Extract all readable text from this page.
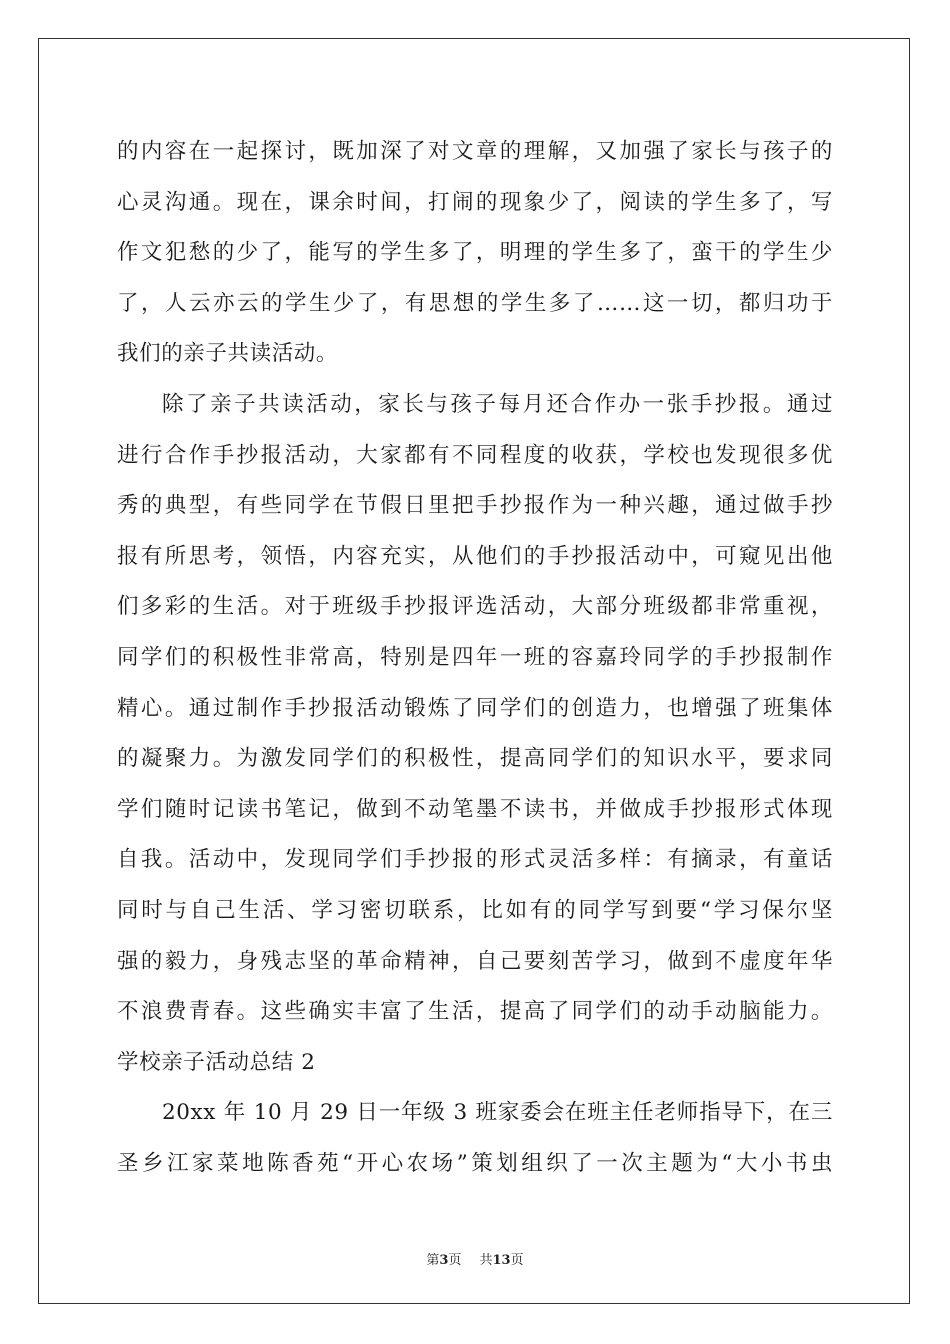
的内容在一起探讨，既加深了对文章的理解，又加强了家长与孩子的
心灵沟通。现在，课余时间，打闹的现象少了，阅读的学生多了，写
作文犯愁的少了，能写的学生多了，明理的学生多了，蛮干的学生少
了，人云亦云的学生少了，有思想的学生多了……这一切，都归功于
我们的亲子共读活动。
除了亲子共读活动，家长与孩子每月还合作办一张手抄报。通过
进行合作手抄报活动，大家都有不同程度的收获，学校也发现很多优
秀的典型，有些同学在节假日里把手抄报作为一种兴趣，通过做手抄
报有所思考，领悟，内容充实，从他们的手抄报活动中，可窥见出他
们多彩的生活。对于班级手抄报评选活动，大部分班级都非常重视，
同学们的积极性非常高，特别是四年一班的容嘉玲同学的手抄报制作
精心。通过制作手抄报活动锻炼了同学们的创造力，也增强了班集体
的凝聚力。为激发同学们的积极性，提高同学们的知识水平，要求同
学们随时记读书笔记，做到不动笔墨不读书，并做成手抄报形式体现
自我。活动中，发现同学们手抄报的形式灵活多样：有摘录，有童话
同时与自己生活、学习密切联系，比如有的同学写到要“学习保尔坚
强的毅力，身残志坚的革命精神，自己要刻苦学习，做到不虚度年华
不浪费青春。这些确实丰富了生活，提高了同学们的动手动脑能力。
学校亲子活动总结 2
20xx 年 10 月 29 日一年级 3 班家委会在班主任老师指导下，在三
圣乡江家菜地陈香苑“开心农场”策划组织了一次主题为“大小书虫
第3页 共13页
